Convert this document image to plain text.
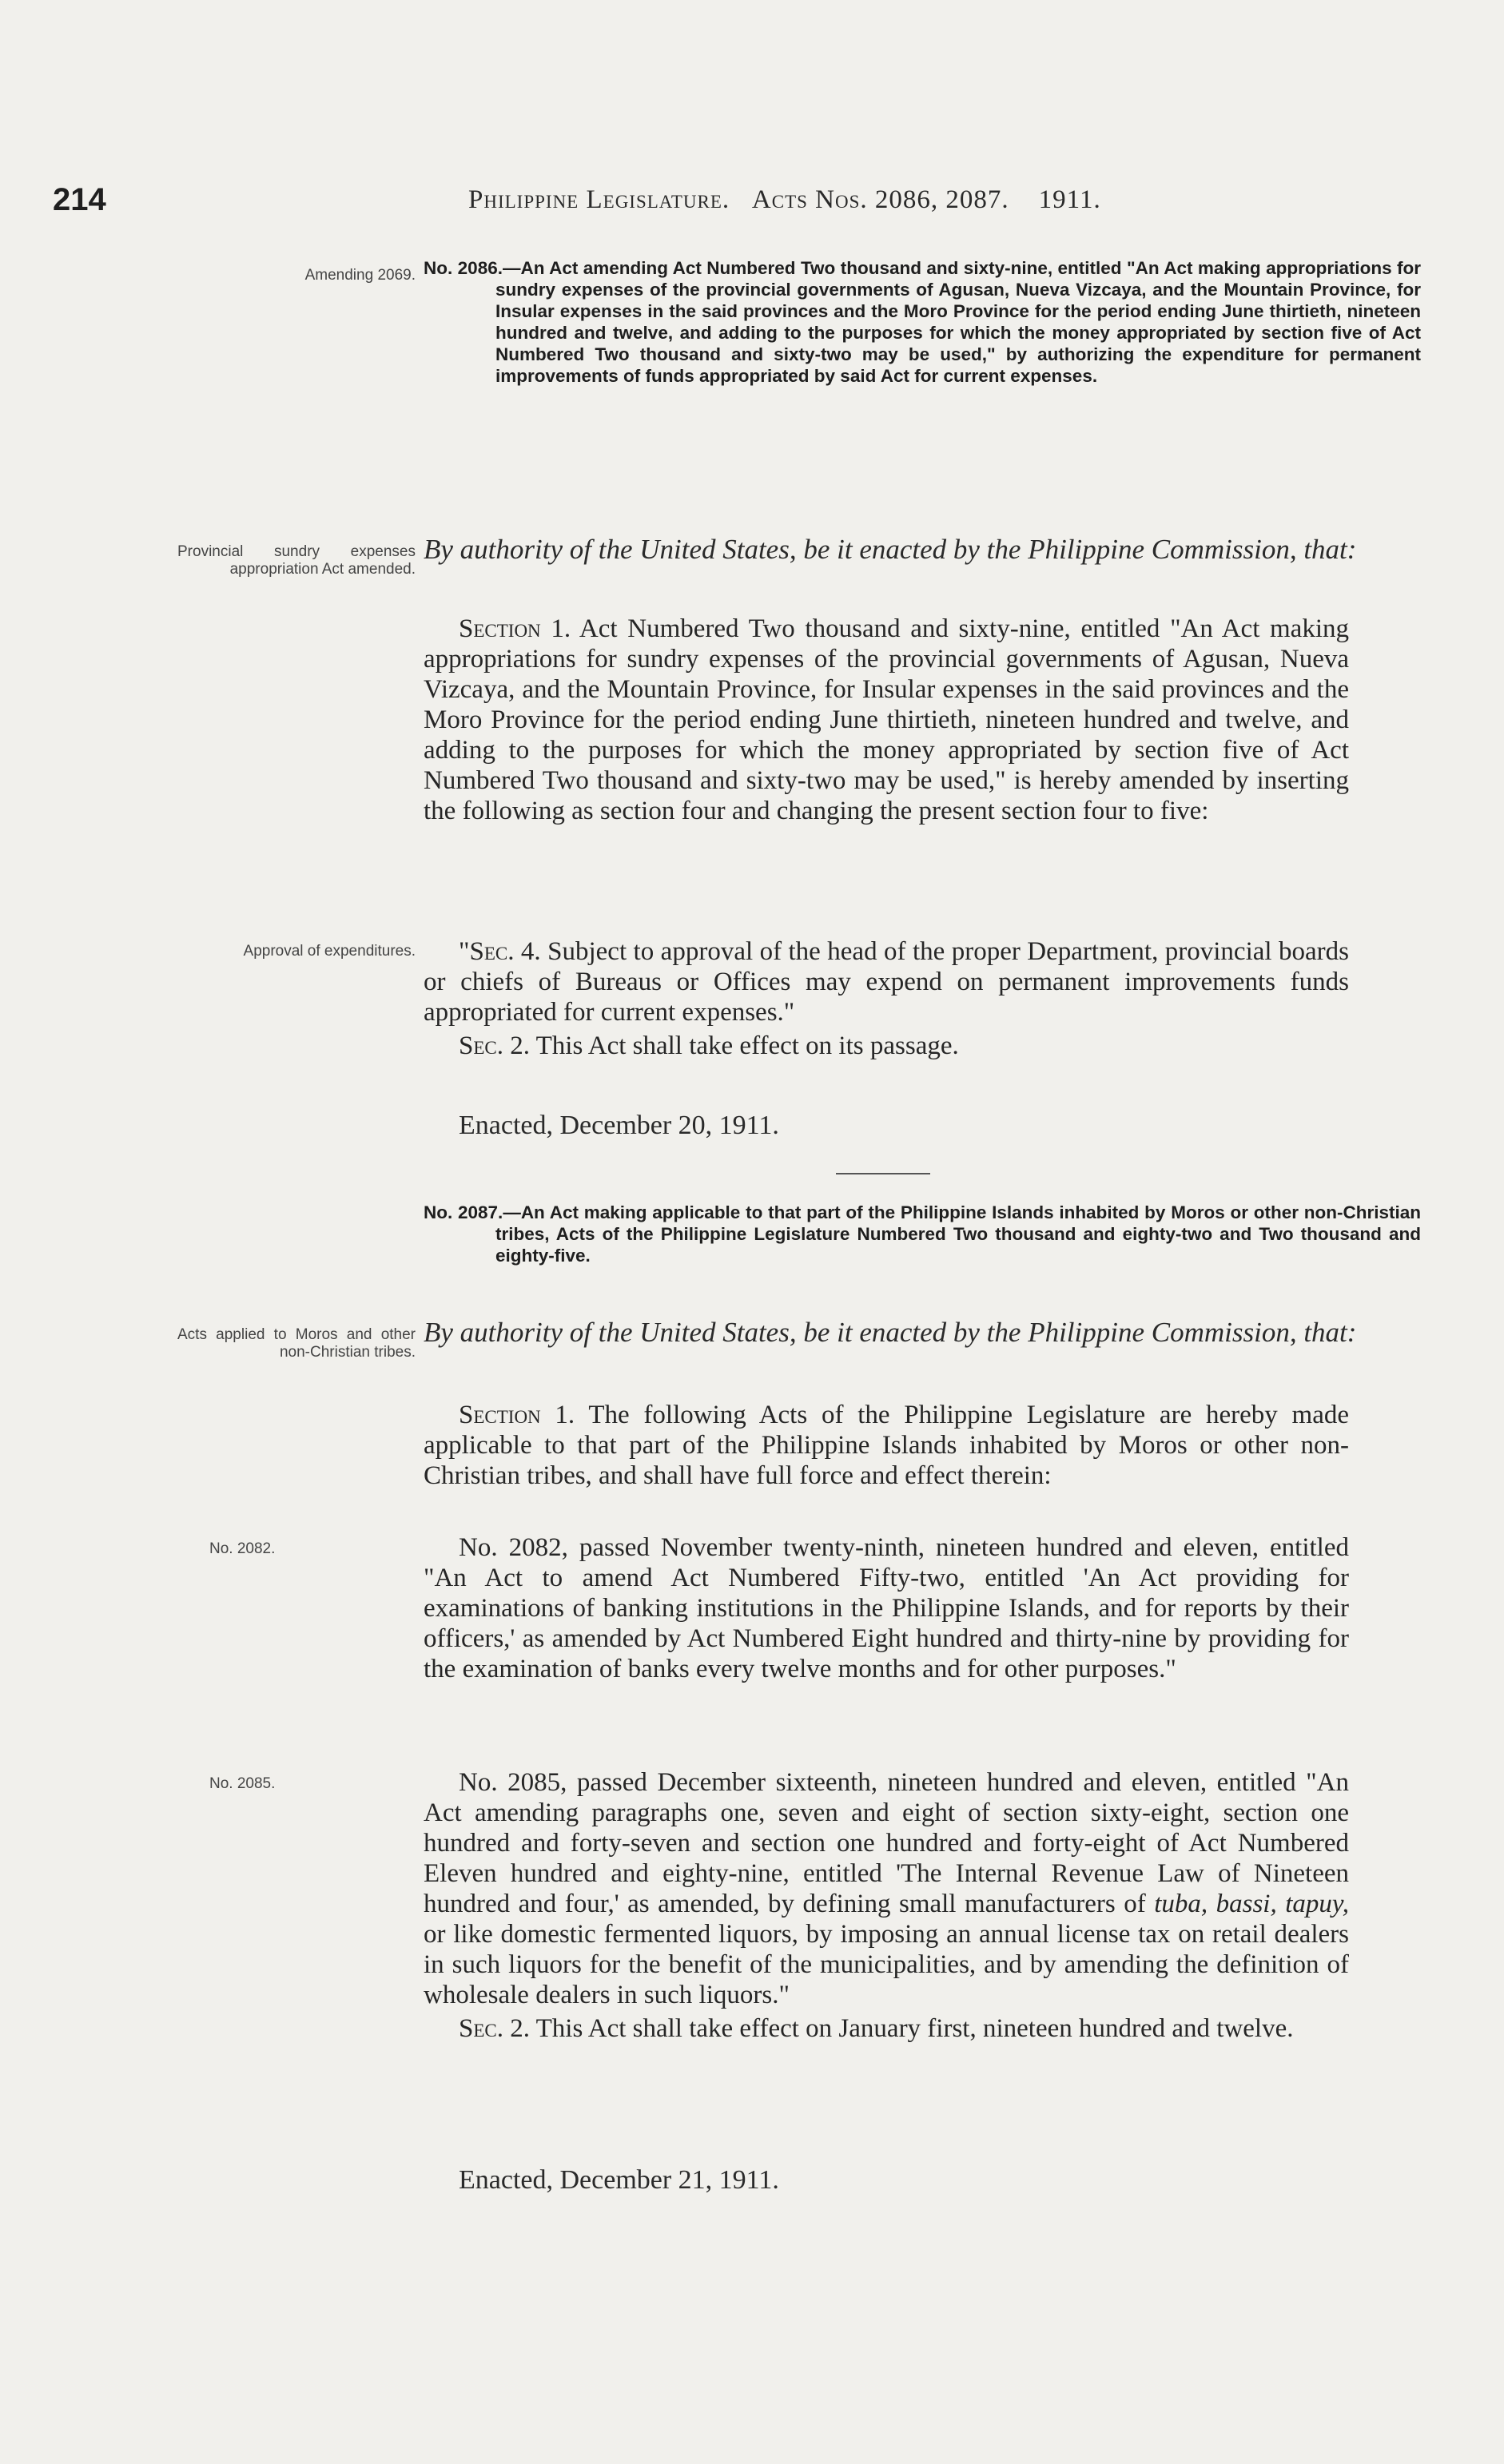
214	Philippine Legislature. Acts Nos. 2086, 2087. 1911.
Amending 2069. No. 2086.—An Act amending Act Numbered Two thousand and sixty-nine, entitled "An Act making appropriations for sundry expenses of the provincial governments of Agusan, Nueva Vizcaya, and the Mountain Province, for Insular expenses in the said provinces and the Moro Province for the period ending June thirtieth, nineteen hundred and twelve, and adding to the purposes for which the money appropriated by section five of Act Numbered Two thousand and sixty-two may be used," by authorizing the expenditure for permanent improvements of funds appropriated by said Act for current expenses.
Provincial sundry expenses appropriation Act amended.
By authority of the United States, be it enacted by the Philippine Commission, that:

Section 1. Act Numbered Two thousand and sixty-nine, entitled "An Act making appropriations for sundry expenses of the provincial governments of Agusan, Nueva Vizcaya, and the Mountain Province, for Insular expenses in the said provinces and the Moro Province for the period ending June thirtieth, nineteen hundred and twelve, and adding to the purposes for which the money appropriated by section five of Act Numbered Two thousand and sixty-two may be used," is hereby amended by inserting the following as section four and changing the present section four to five:

Approval of expenditures.	"Sec. 4. Subject to approval of the head of the proper Department, provincial boards or chiefs of Bureaus or Offices may expend on permanent improvements funds appropriated for current expenses."

Sec. 2. This Act shall take effect on its passage.

Enacted, December 20, 1911.
No. 2087.—An Act making applicable to that part of the Philippine Islands inhabited by Moros or other non-Christian tribes, Acts of the Philippine Legislature Numbered Two thousand and eighty-two and Two thousand and eighty-five.
Acts applied to Moros and other non-Christian tribes.
By authority of the United States, be it enacted by the Philippine Commission, that:

Section 1. The following Acts of the Philippine Legislature are hereby made applicable to that part of the Philippine Islands inhabited by Moros or other non-Christian tribes, and shall have full force and effect therein:

No. 2082.	No. 2082, passed November twenty-ninth, nineteen hundred and eleven, entitled "An Act to amend Act Numbered Fifty-two, entitled 'An Act providing for examinations of banking institutions in the Philippine Islands, and for reports by their officers,' as amended by Act Numbered Eight hundred and thirty-nine by providing for the examination of banks every twelve months and for other purposes."

No. 2085.	No. 2085, passed December sixteenth, nineteen hundred and eleven, entitled "An Act amending paragraphs one, seven and eight of section sixty-eight, section one hundred and forty-seven and section one hundred and forty-eight of Act Numbered Eleven hundred and eighty-nine, entitled 'The Internal Revenue Law of Nineteen hundred and four,' as amended, by defining small manufacturers of tuba, bassi, tapuy, or like domestic fermented liquors, by imposing an annual license tax on retail dealers in such liquors for the benefit of the municipalities, and by amending the definition of wholesale dealers in such liquors."

Sec. 2. This Act shall take effect on January first, nineteen hundred and twelve.

Enacted, December 21, 1911.
